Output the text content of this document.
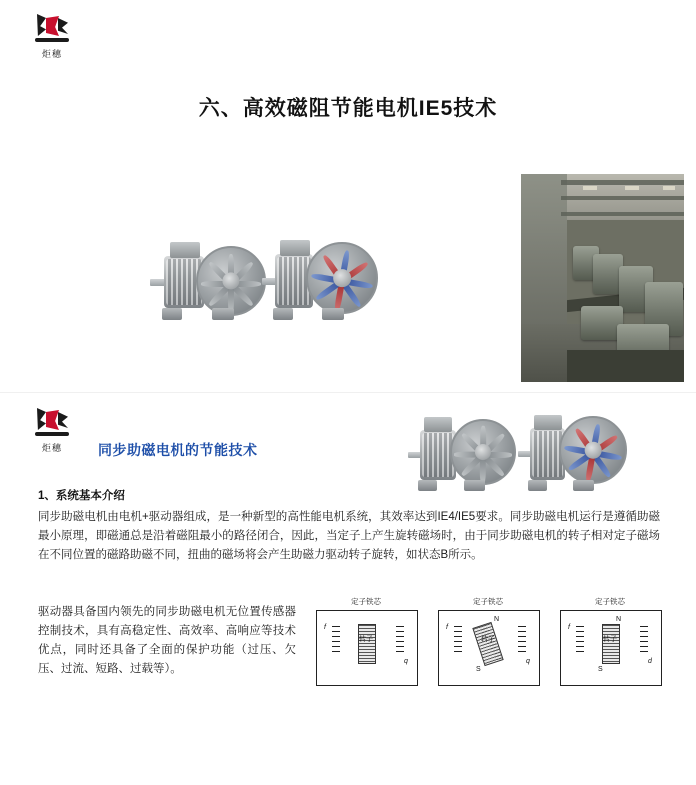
炬穗
六、高效磁阻节能电机IE5技术
炬穗	同步助磁电机的节能技术
1、系统基本介绍
同步助磁电机由电机+驱动器组成，是一种新型的高性能电机系统，其效率达到IE4/IE5要求。同步助磁电机运行是遵循助磁最小原理，即磁通总是沿着磁阻最小的路径闭合，因此，当定子上产生旋转磁场时，由于同步助磁电机的转子相对定子磁场在不同位置的磁路助磁不同，扭曲的磁场将会产生助磁力驱动转子旋转，如状态B所示。
驱动器具备国内领先的同步助磁电机无位置传感器控制技术，具有高稳定性、高效率、高响应等技术优点，同时还具备了全面的保护功能（过压、欠压、过流、短路、过载等）。
定子铁芯
转子
f
q
定子铁芯
转子
N
S
f
q
定子铁芯
转子
N
S
f
d
